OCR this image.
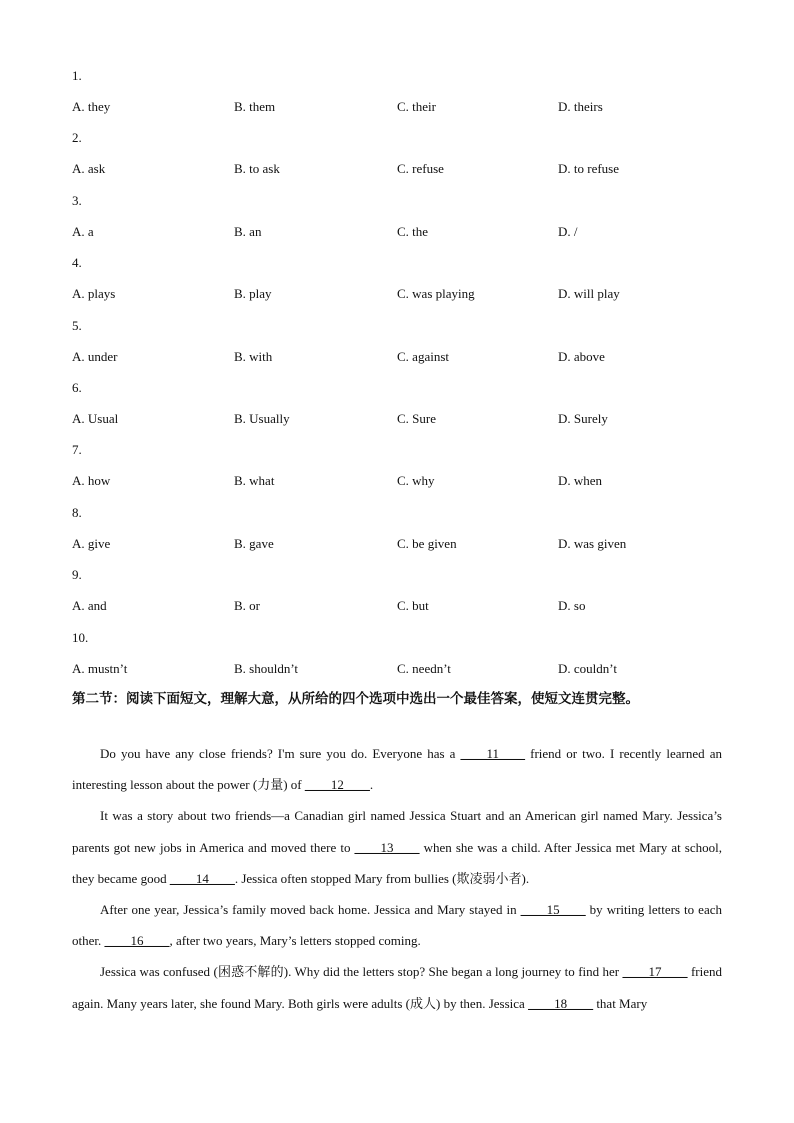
1.
A. they	B. them	C. their	D. theirs
2.
A. ask	B. to ask	C. refuse	D. to refuse
3.
A. a	B. an	C. the	D. /
4.
A. plays	B. play	C. was playing	D. will play
5.
A. under	B. with	C. against	D. above
6.
A. Usual	B. Usually	C. Sure	D. Surely
7.
A. how	B. what	C. why	D. when
8.
A. give	B. gave	C. be given	D. was given
9.
A. and	B. or	C. but	D. so
10.
A. mustn’t	B. shouldn’t	C. needn’t	D. couldn’t
第二节：阅读下面短文，理解大意，从所给的四个选项中选出一个最佳答案，使短文连贯完整。

Do you have any close friends? I'm sure you do. Everyone has a ____11____ friend or two. I recently learned an interesting lesson about the power (力量) of ____12____.

It was a story about two friends—a Canadian girl named Jessica Stuart and an American girl named Mary. Jessica’s parents got new jobs in America and moved there to ____13____ when she was a child. After Jessica met Mary at school, they became good ____14____. Jessica often stopped Mary from bullies (欺凌弱小者).

After one year, Jessica’s family moved back home. Jessica and Mary stayed in ____15____ by writing letters to each other. ____16____, after two years, Mary’s letters stopped coming.

Jessica was confused (困惑不解的). Why did the letters stop? She began a long journey to find her ____17____ friend again. Many years later, she found Mary. Both girls were adults (成人) by then. Jessica ____18____ that Mary
